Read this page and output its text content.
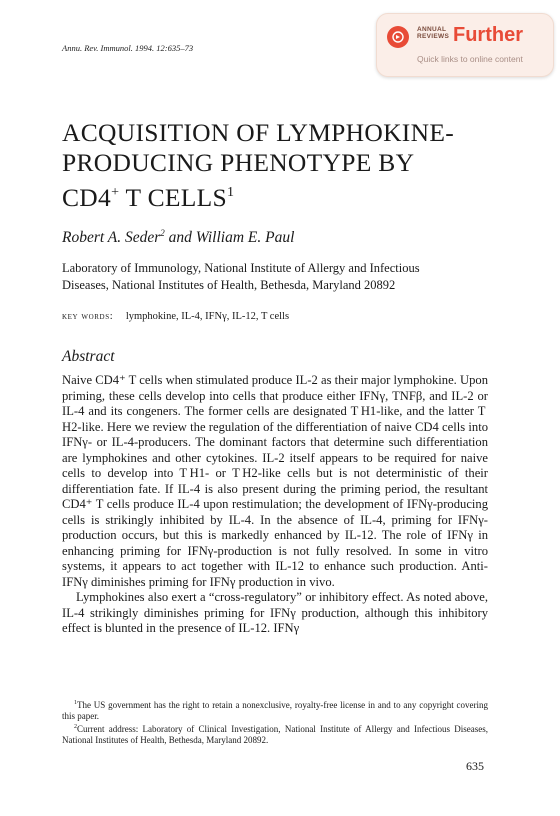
Annu. Rev. Immunol. 1994. 12:635–73
ANNUAL
REVIEWS Further
Quick links to online content
ACQUISITION OF LYMPHOKINE-
PRODUCING PHENOTYPE BY
CD4+ T CELLS$^1$
Robert A. Seder$^2$ and William E. Paul
Laboratory of Immunology, National Institute of Allergy and Infectious
Diseases, National Institutes of Health, Bethesda, Maryland 20892
key words: lymphokine, IL-4, IFNγ, IL-12, T cells
Abstract

Naive CD4⁺ T cells when stimulated produce IL-2 as their major lymphokine. Upon priming, these cells develop into cells that produce either IFNγ, TNFβ, and IL-2 or IL-4 and its congeners. The former cells are designated T H1-like, and the latter T H2-like. Here we review the regulation of the differentiation of naive CD4 cells into IFNγ- or IL-4-producers. The dominant factors that determine such differentiation are lymphokines and other cytokines. IL-2 itself appears to be required for naive cells to develop into T H1- or T H2-like cells but is not deterministic of their differentiation fate. If IL-4 is also present during the priming period, the resultant CD4⁺ T cells produce IL-4 upon restimulation; the development of IFNγ-producing cells is strikingly inhibited by IL-4. In the absence of IL-4, priming for IFNγ-production occurs, but this is markedly enhanced by IL-12. The role of IFNγ in enhancing priming for IFNγ-production is not fully resolved. In some in vitro systems, it appears to act together with IL-12 to enhance such production. Anti-IFNγ diminishes priming for IFNγ production in vivo.

Lymphokines also exert a “cross-regulatory” or inhibitory effect. As noted above, IL-4 strikingly diminishes priming for IFNγ production, although this inhibitory effect is blunted in the presence of IL-12. IFNγ

$^1$The US government has the right to retain a nonexclusive, royalty-free license in and to any copyright covering this paper.

$^2$Current address: Laboratory of Clinical Investigation, National Institute of Allergy and Infectious Diseases, National Institutes of Health, Bethesda, Maryland 20892.

635
